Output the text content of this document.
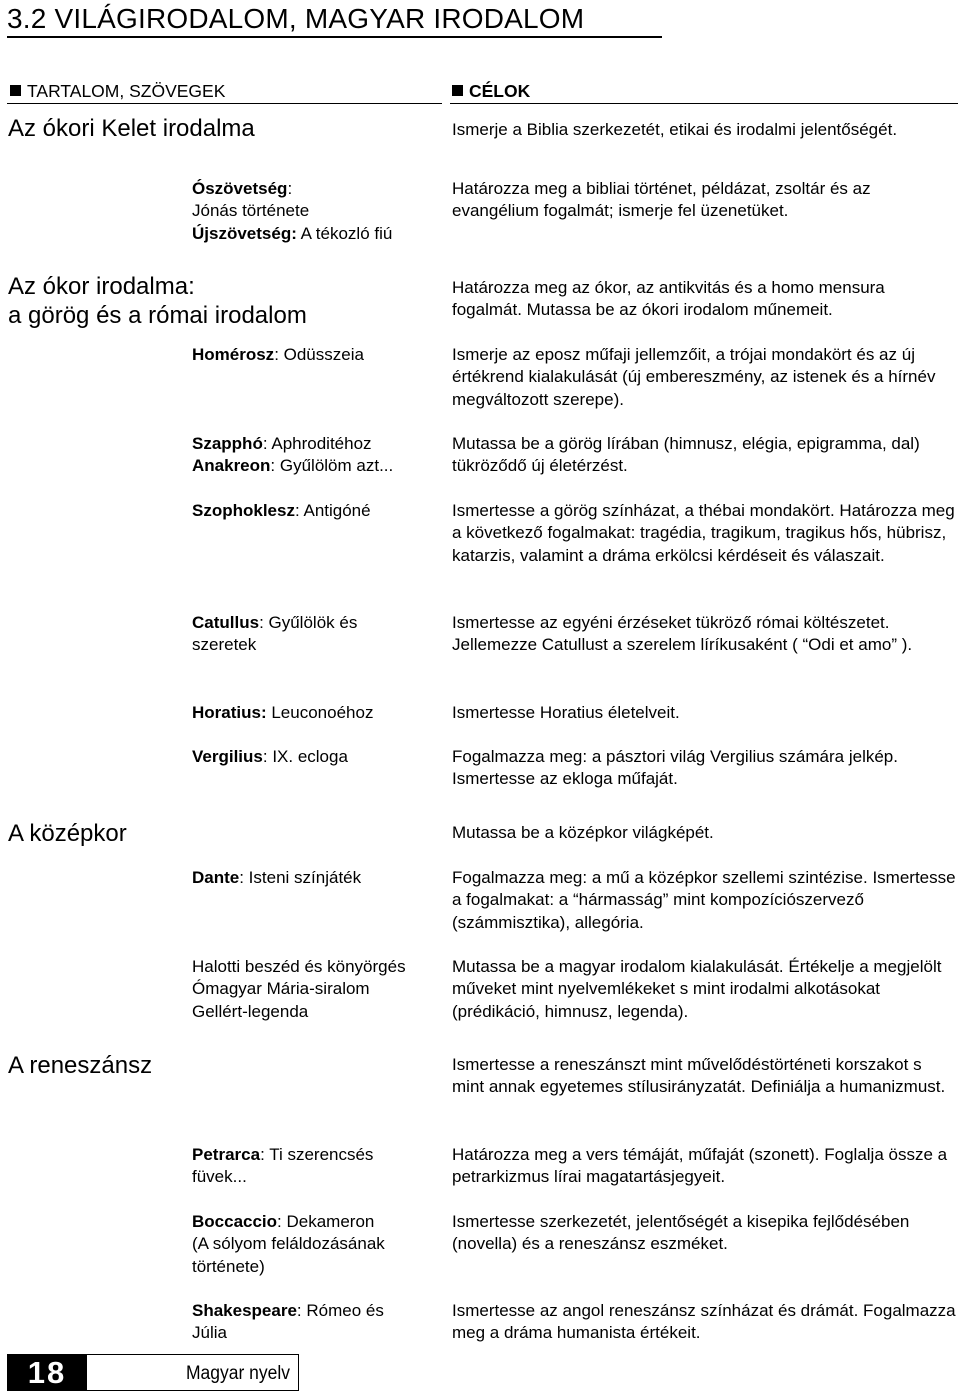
3.2 VILÁGIRODALOM, MAGYAR IRODALOM
TARTALOM, SZÖVEGEK	CÉLOK
Az ókori Kelet irodalma
Az ókor irodalma:
a görög és a római irodalom
A középkor
A reneszánsz
Ószövetség:
Jónás története
Újszövetség: A tékozló fiú
Homérosz: Odüsszeia
Szapphó: Aphroditéhoz
Anakreon: Gyűlölöm azt...
Szophoklesz: Antigóné
Catullus: Gyűlölök és
szeretek
Horatius: Leuconoéhoz
Vergilius: IX. ecloga
Dante: Isteni színjáték
Halotti beszéd és könyörgés
Ómagyar Mária-siralom
Gellért-legenda
Petrarca: Ti szerencsés
füvek...
Boccaccio: Dekameron
(A sólyom feláldozásának
története)
Shakespeare: Rómeo és
Júlia
Ismerje a Biblia szerkezetét, etikai és irodalmi jelentőségét.
Határozza meg a bibliai történet, példázat, zsoltár és az evangélium fogalmát; ismerje fel üzenetüket.
Határozza meg az ókor, az antikvitás és a homo mensura fogalmát. Mutassa be az ókori irodalom műnemeit.
Ismerje az eposz műfaji jellemzőit, a trójai mondakört és az új értékrend kialakulását (új embereszmény, az istenek és a hírnév megváltozott szerepe).
Mutassa be a görög lírában (himnusz, elégia, epigramma, dal) tükröződő új életérzést.
Ismertesse a görög színházat, a thébai mondakört. Határozza meg a következő fogalmakat: tragédia, tragikum, tragikus hős, hübrisz, katarzis, valamint a dráma erkölcsi kérdéseit és válaszait.
Ismertesse az egyéni érzéseket tükröző római költészetet. Jellemezze Catullust a szerelem líríkusaként ( “Odi et amo” ).
Ismertesse Horatius életelveit.
Fogalmazza meg: a pásztori világ Vergilius számára jelkép. Ismertesse az ekloga műfaját.
Mutassa be a középkor világképét.
Fogalmazza meg: a mű a középkor szellemi szintézise. Ismertesse a fogalmakat: a “hármasság” mint kompozíciószervező (számmisztika), allegória.
Mutassa be a magyar irodalom kialakulását. Értékelje a megjelölt műveket mint nyelvemlékeket s mint irodalmi alkotásokat (prédikáció, himnusz, legenda).
Ismertesse a reneszánszt mint művelődéstörténeti korszakot s mint annak egyetemes stílusirányzatát. Definiálja a humanizmust.
Határozza meg a vers témáját, műfaját (szonett). Foglalja össze a petrarkizmus lírai magatartásjegyeit.
Ismertesse szerkezetét, jelentőségét a kisepika fejlődésében (novella) és a reneszánsz eszméket.
Ismertesse az angol reneszánsz színházat és drámát. Fogalmazza meg a dráma humanista értékeit.
18	Magyar nyelv
